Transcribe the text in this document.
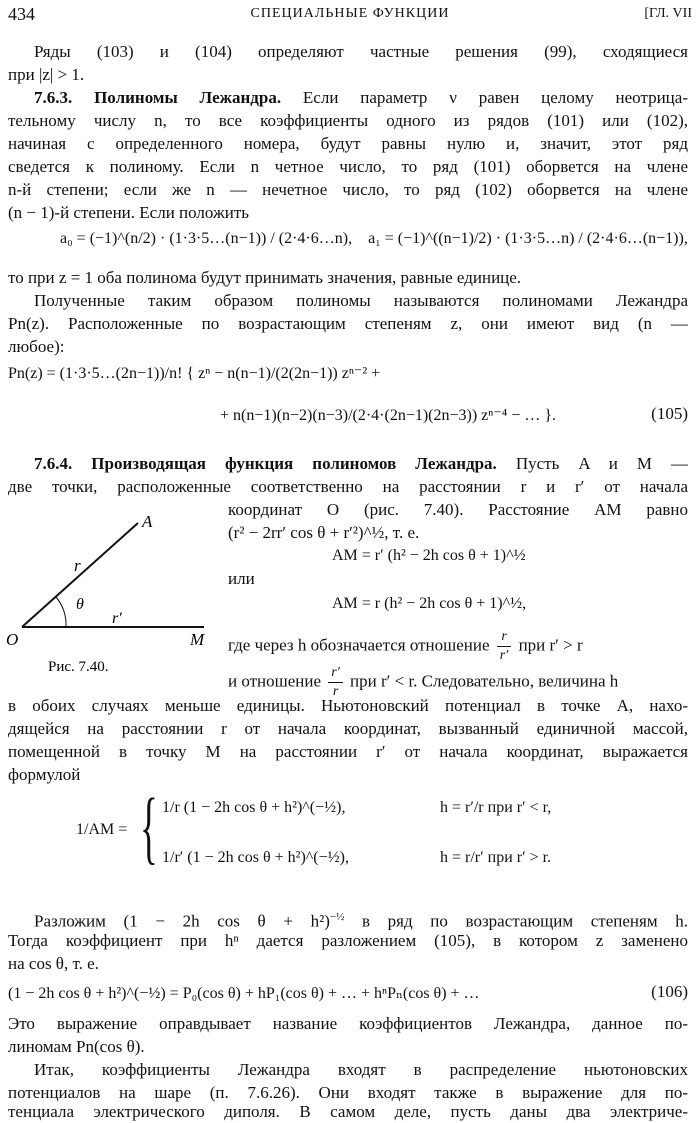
434	СПЕЦИАЛЬНЫЕ ФУНКЦИИ	[ГЛ. VII
Ряды (103) и (104) определяют частные решения (99), сходящиеся
при |z| > 1.
7.6.3. Полиномы Лежандра. Если параметр ν равен целому неотрица-
тельному числу n, то все коэффициенты одного из рядов (101) или (102),
начиная с определенного номера, будут равны нулю и, значит, этот ряд
сведется к полиному. Если n четное число, то ряд (101) оборвется на члене
n-й степени; если же n — нечетное число, то ряд (102) оборвется на члене
(n − 1)-й степени. Если положить
a₀ = (−1)^(n/2) · (1·3·5…(n−1)) / (2·4·6…n), a₁ = (−1)^((n−1)/2) · (1·3·5…n) / (2·4·6…(n−1)),
то при z = 1 оба полинома будут принимать значения, равные единице.
Полученные таким образом полиномы называются полиномами Лежандра
Pn(z). Расположенные по возрастающим степеням z, они имеют вид (n —
любое):
Pn(z) = (1·3·5…(2n−1))/n! { zⁿ − n(n−1)/(2(2n−1)) zⁿ⁻² +
+ n(n−1)(n−2)(n−3)/(2·4·(2n−1)(2n−3)) zⁿ⁻⁴ − … }.	(105)
7.6.4. Производящая функция полиномов Лежандра. Пусть A и M —
две точки, расположенные соответственно на расстоянии r и r′ от начала
A
r
θ
O
r′
M
Рис. 7.40.
координат O (рис. 7.40). Расстояние AM равно
(r² − 2rr′ cos θ + r′²)^½, т. е.
AM = r′ (h² − 2h cos θ + 1)^½
или
AM = r (h² − 2h cos θ + 1)^½,
где через h обозначается отношение $\frac{r}{r'}$ при r′ > r
и отношение $\frac{r'}{r}$ при r′ < r. Следовательно, величина h
в обоих случаях меньше единицы. Ньютоновский потенциал в точке A, нахо-
дящейся на расстоянии r от начала координат, вызванный единичной массой,
помещенной в точку M на расстоянии r′ от начала координат, выражается
формулой
1/AM = { 1/r (1 − 2h cos θ + h²)^(−½),	h = r′/r при r′ < r,
1/r′ (1 − 2h cos θ + h²)^(−½),	h = r/r′ при r′ > r.
Разложим (1 − 2h cos θ + h²)$^{-\frac{1}{2}}$ в ряд по возрастающим степеням h.
Тогда коэффициент при hⁿ дается разложением (105), в котором z заменено
на cos θ, т. е.
(1 − 2h cos θ + h²)^(−½) = P₀(cos θ) + hP₁(cos θ) + … + hⁿPₙ(cos θ) + …	(106)
Это выражение оправдывает название коэффициентов Лежандра, данное по-
линомам Pn(cos θ).
Итак, коэффициенты Лежандра входят в распределение ньютоновских
потенциалов на шаре (п. 7.6.26). Они входят также в выражение для по-
тенциала электрического диполя. В самом деле, пусть даны два электриче-
